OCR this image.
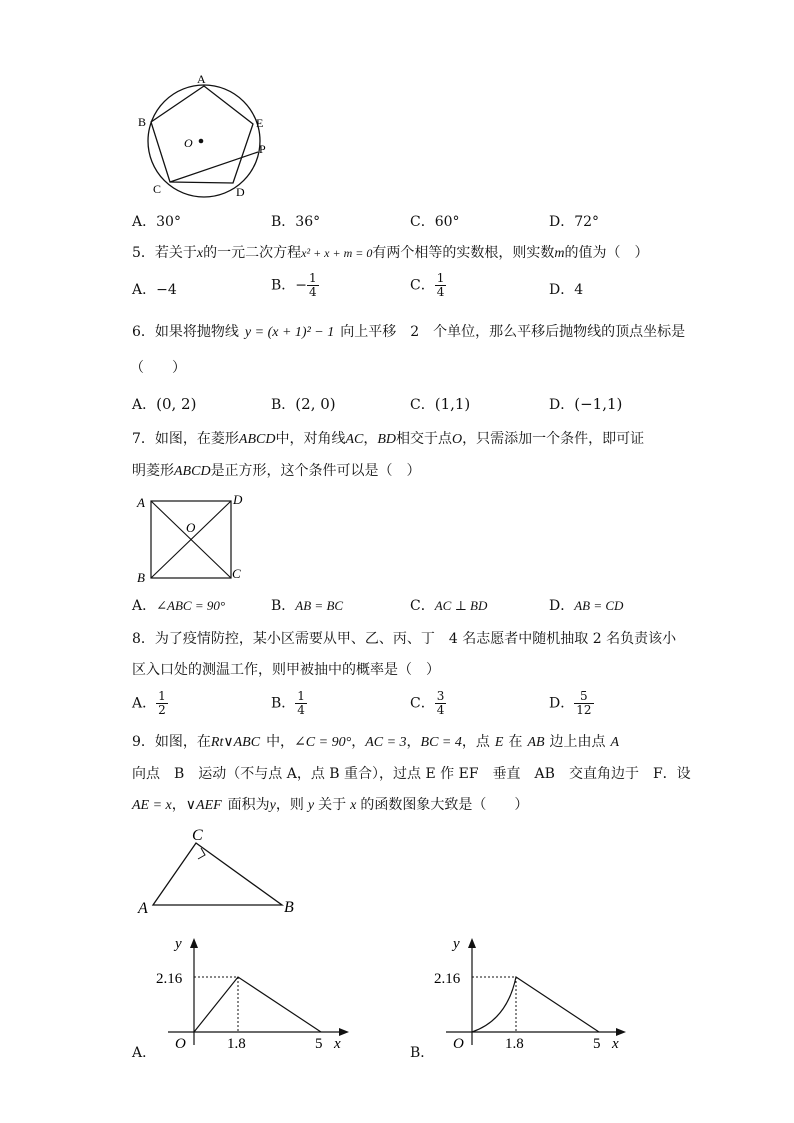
A
B
C	D
E
P
O
A．30°	B．36°	C．60°	D．72°
5．若关于x的一元二次方程x² + x + m = 0有两个相等的实数根，则实数m的值为（　）
A．−4	B．− $\frac{1}{4}$	C． $\frac{1}{4}$	D．4
6．如果将抛物线 y = (x + 1)² − 1 向上平移　2　个单位，那么平移后抛物线的顶点坐标是
（　　）
A．(0, 2)	B．(2, 0)	C．(1,1)	D．(−1,1)
7．如图，在菱形ABCD中，对角线AC，BD相交于点O，只需添加一个条件，即可证
明菱形ABCD是正方形，这个条件可以是（　）
A	D
O
B	C
A．∠ABC = 90°	B．AB = BC	C．AC ⊥ BD	D．AB = CD
8．为了疫情防控，某小区需要从甲、乙、丙、丁　4 名志愿者中随机抽取 2 名负责该小
区入口处的测温工作，则甲被抽中的概率是（　）
A． $\frac{1}{2}$	B． $\frac{1}{4}$	C． $\frac{3}{4}$	D． $\frac{5}{12}$
9．如图，在Rt∨ABC 中，∠C = 90°，AC = 3，BC = 4，点 E 在 AB 边上由点 A
向点　B　运动（不与点 A，点 B 重合），过点 E 作 EF　垂直　AB　交直角边于　F．设
AE = x，∨AEF 面积为y，则 y 关于 x 的函数图象大致是（　　）
C
A	B
A．
y
2.16
O	1.8	5 x
B．
y
2.16
O	1.8	5 x
